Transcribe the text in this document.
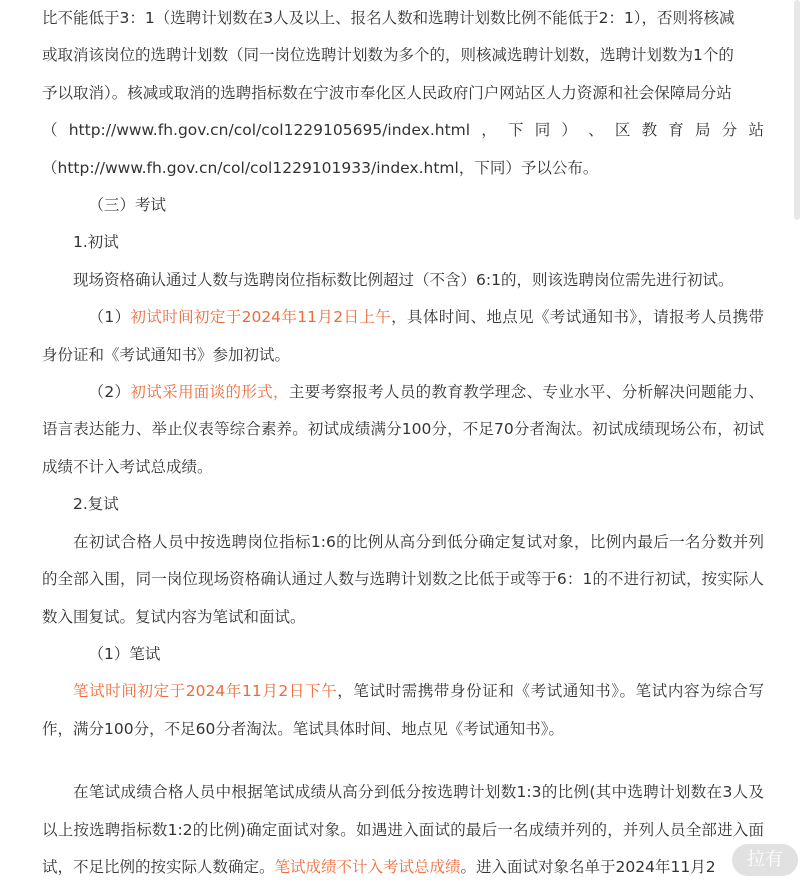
比不能低于3：1（选聘计划数在3人及以上、报名人数和选聘计划数比例不能低于2：1），否则将核减
或取消该岗位的选聘计划数（同一岗位选聘计划数为多个的，则核减选聘计划数，选聘计划数为1个的
予以取消）。核减或取消的选聘指标数在宁波市奉化区人民政府门户网站区人力资源和社会保障局分站

（ http://www.fh.gov.cn/col/col1229105695/index.html ， 下 同 ） 、 区 教 育 局 分 站

（http://www.fh.gov.cn/col/col1229101933/index.html，下同）予以公布。

（三）考试

1.初试

现场资格确认通过人数与选聘岗位指标数比例超过（不含）6:1的，则该选聘岗位需先进行初试。

（1）初试时间初定于2024年11月2日上午，具体时间、地点见《考试通知书》，请报考人员携带身份证和《考试通知书》参加初试。

（2）初试采用面谈的形式，主要考察报考人员的教育教学理念、专业水平、分析解决问题能力、语言表达能力、举止仪表等综合素养。初试成绩满分100分，不足70分者淘汰。初试成绩现场公布，初试成绩不计入考试总成绩。

2.复试

在初试合格人员中按选聘岗位指标1:6的比例从高分到低分确定复试对象，比例内最后一名分数并列的全部入围，同一岗位现场资格确认通过人数与选聘计划数之比低于或等于6：1的不进行初试，按实际人数入围复试。复试内容为笔试和面试。

（1）笔试

笔试时间初定于2024年11月2日下午，笔试时需携带身份证和《考试通知书》。笔试内容为综合写作，满分100分，不足60分者淘汰。笔试具体时间、地点见《考试通知书》。

在笔试成绩合格人员中根据笔试成绩从高分到低分按选聘计划数1:3的比例(其中选聘计划数在3人及以上按选聘指标数1:2的比例)确定面试对象。如遇进入面试的最后一名成绩并列的，并列人员全部进入面试，不足比例的按实际人数确定。笔试成绩不计入考试总成绩。进入面试对象名单于2024年11月2	拉有
